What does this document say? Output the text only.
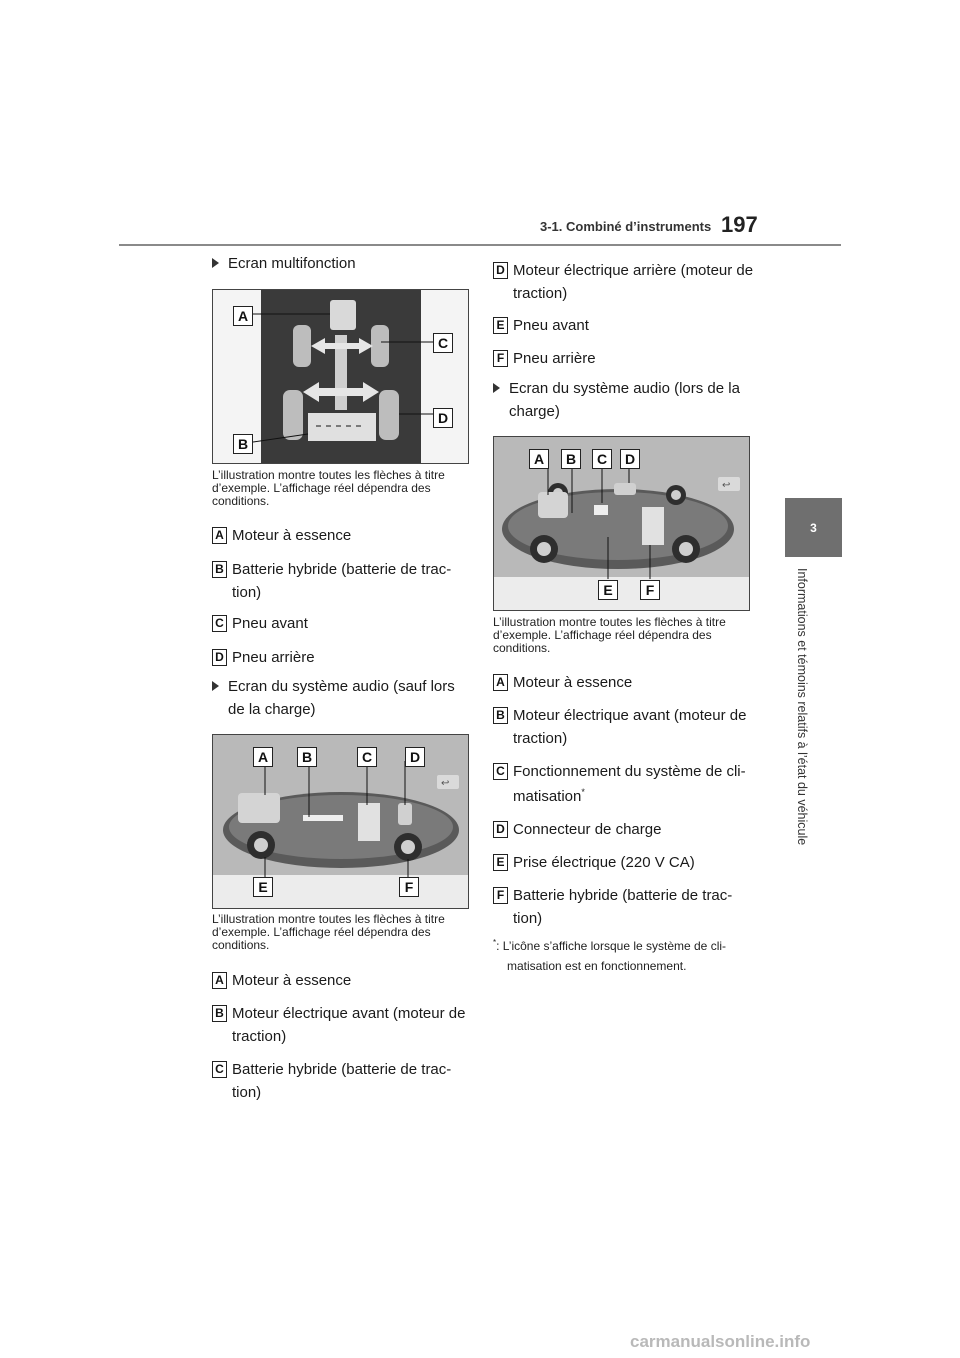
3-1. Combiné d’instruments 197
3
Informations et témoins relatifs à l’état du véhicule
Ecran multifonction
A
B
C
D
L’illustration montre toutes les flèches à titre d’exemple. L’affichage réel dépendra des conditions.
A Moteur à essence
B Batterie hybride (batterie de trac-
tion)
C Pneu avant
D Pneu arrière
Ecran du système audio (sauf lors
de la charge)
↩
A	B	C	D
E	F
L’illustration montre toutes les flèches à titre d’exemple. L’affichage réel dépendra des conditions.
A Moteur à essence
B Moteur électrique avant (moteur de
traction)
C Batterie hybride (batterie de trac-
tion)
D Moteur électrique arrière (moteur de
traction)
E Pneu avant
F Pneu arrière
Ecran du système audio (lors de la
charge)
↩
A	B	C	D
E	F
L’illustration montre toutes les flèches à titre d’exemple. L’affichage réel dépendra des conditions.
A Moteur à essence
B Moteur électrique avant (moteur de
traction)
C Fonctionnement du système de cli-
matisation*
D Connecteur de charge
E Prise électrique (220 V CA)
F Batterie hybride (batterie de trac-
tion)
*: L’icône s’affiche lorsque le système de cli-
matisation est en fonctionnement.
carmanualsonline.info
